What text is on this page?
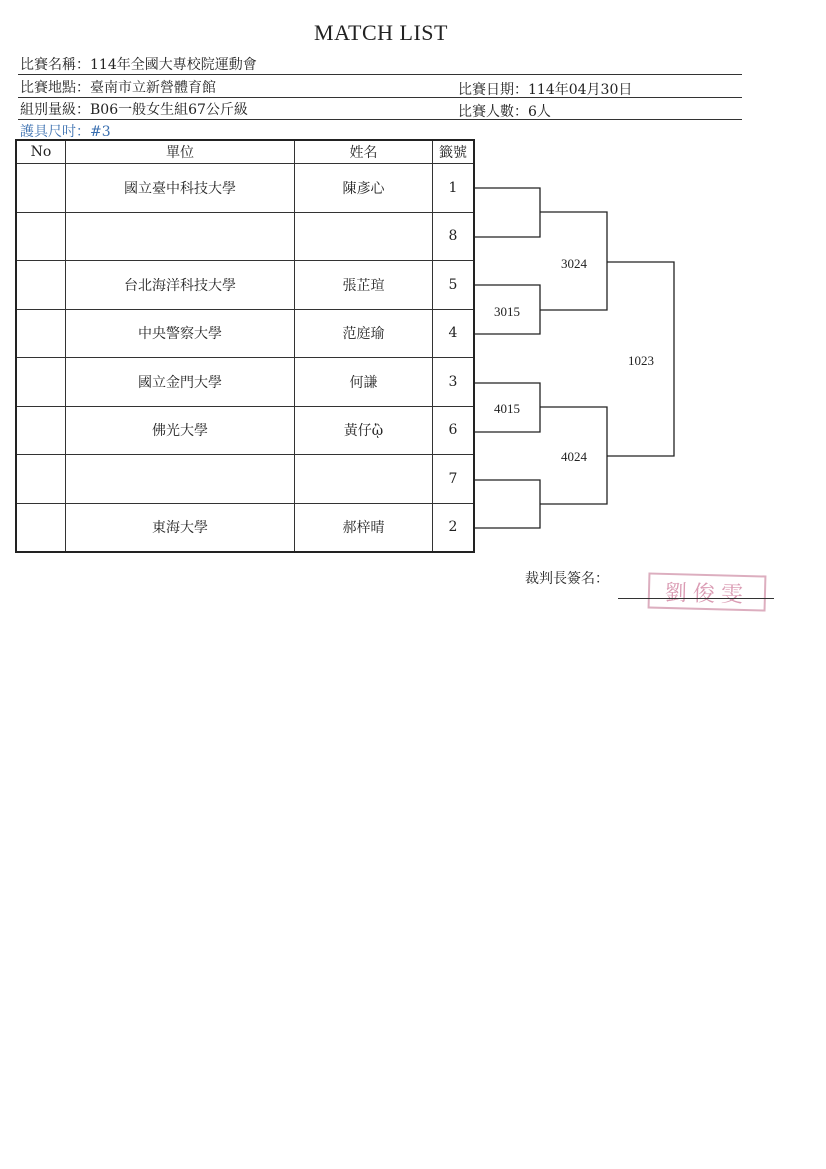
MATCH LIST
比賽名稱：114年全國大專校院運動會
比賽地點：臺南市立新營體育館	比賽日期：114年04月30日
組別量級：B06一般女生組67公斤級	比賽人數：6人
護具尺吋：#3
No	單位	姓名	籤號
	國立臺中科技大學	陳彥心	1
			8
	台北海洋科技大學	張芷瑄	5
	中央警察大學	范庭瑜	4
	國立金門大學	何謙	3
	佛光大學	黃仔ᾢ	6
			7
	東海大學	郝梓晴	2
3015
4015
3024
4024
1023
裁判長簽名：
劉俊雯
